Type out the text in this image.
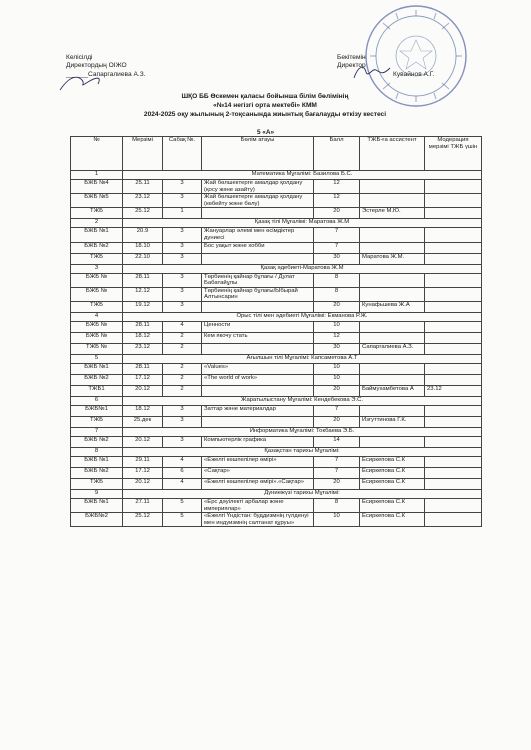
Келісілді
Директордың ОІЖО
______Сапаргалиева А.З.
Бекітемін
Директор
Кувайнов А.Г.
ШҚО ББ Өскемен қаласы бойынша білім бөлімінің
«№14 негізгі орта мектебі» КММ
2024-2025 оқу жылының 2-тоқсанында жиынтық бағалауды өткізу кестесі
5 «А»
№	Мерзімі	Сабақ №.	Бөлім атауы	Балл	ТЖБ-ға ассистент	Модерация мерзімі ТЖБ үшін
1	Математика Мұғалімі: Базилова Б.С.					
БЖБ №4	25.11	3	Жай бөлшектерге амалдар қолдану (қосу және азайту)	12		
БЖБ №5	23.12	3	Жай бөлшектерге амалдар қолдану (көбейту және бөлу)	12		
ТЖБ	25.12	1		20	Эстерле М.Ю.	
2	Қазақ тілі Мұғалімі: Маратова Ж.М					
БЖБ №1	20.9	3	Жануарлар әлемі мен өсімдіктер дүниесі	7		
БЖБ №2	18.10	3	Бос уақыт және хобби	7		
ТЖБ	22.10	3		30	Маратова Ж.М.	
3	Қазақ әдебиеті-Маратова Ж.М					
БЖБ №	28.11	3	Төрбиенің қайнар бұлағы / Дулат Бабатайұлы	8		
БЖБ №	12.12	3	Төрбиенің қайнар бұлағы/Ыбырай Алтынсарин	8		
ТЖБ	19.12	3		20	Кунафьшева Ж.А	
4	Орыс тілі мен әдебиеті Мұғалімі: Екманова Р.Ж.					
БЖБ №	28.11	4	Ценности	10		
БЖБ №	18.12	2	Кем якочу стать	12		
ТЖБ №	23.12	2		30	Сапаргалиева А.З.	
5	Ағылшын тілі Мұғалімі: Капсаметова А.Т					
БЖБ №1	28.11	2	«Values»	10		
БЖБ №2	17.12	2	«The world of work»	10		
ТЖБ1	20.12	2		20	Баймухамбетова А	23.12
6	Жаратылыстану Мұғалімі: Кендебекова Э.С.					
БЖБ№1	18.12	3	Заттар және материалдар	7		
ТЖБ	25.дек	3		20	Изгуттинова Г.К.	
7	Информатика Мұғалімі: Токбаева Э.Б.					
БЖБ №2	20.12	3	Компьютерлік графика	14		
8	Қазақстан тарихы Мұғалімі:					
БЖБ №1	29.11	4	«Ежелгі көшпелілер өмірі»	7	Есиркепова С.К	
БЖБ №2	17.12	6	«Сақтар»	7	Есиркепова С.К	
ТЖБ	20.12	4	«Ежелгі көшпелілер өмірі».«Сақтар»	20	Есиркепова С.К	
9	Дүниежүзі тарихы Мұғалімі:					
БЖБ №1	27.11	5	«Ерс дәуілекті арбалар және империялар»	8	Есиркепова С.К	
БЖБ№2	25.12	5	«Ежелгі Үндістан: буддизмнің гүлденуі мен индуизмнің салтанат құруы»	10	Есиркепова С.К	
